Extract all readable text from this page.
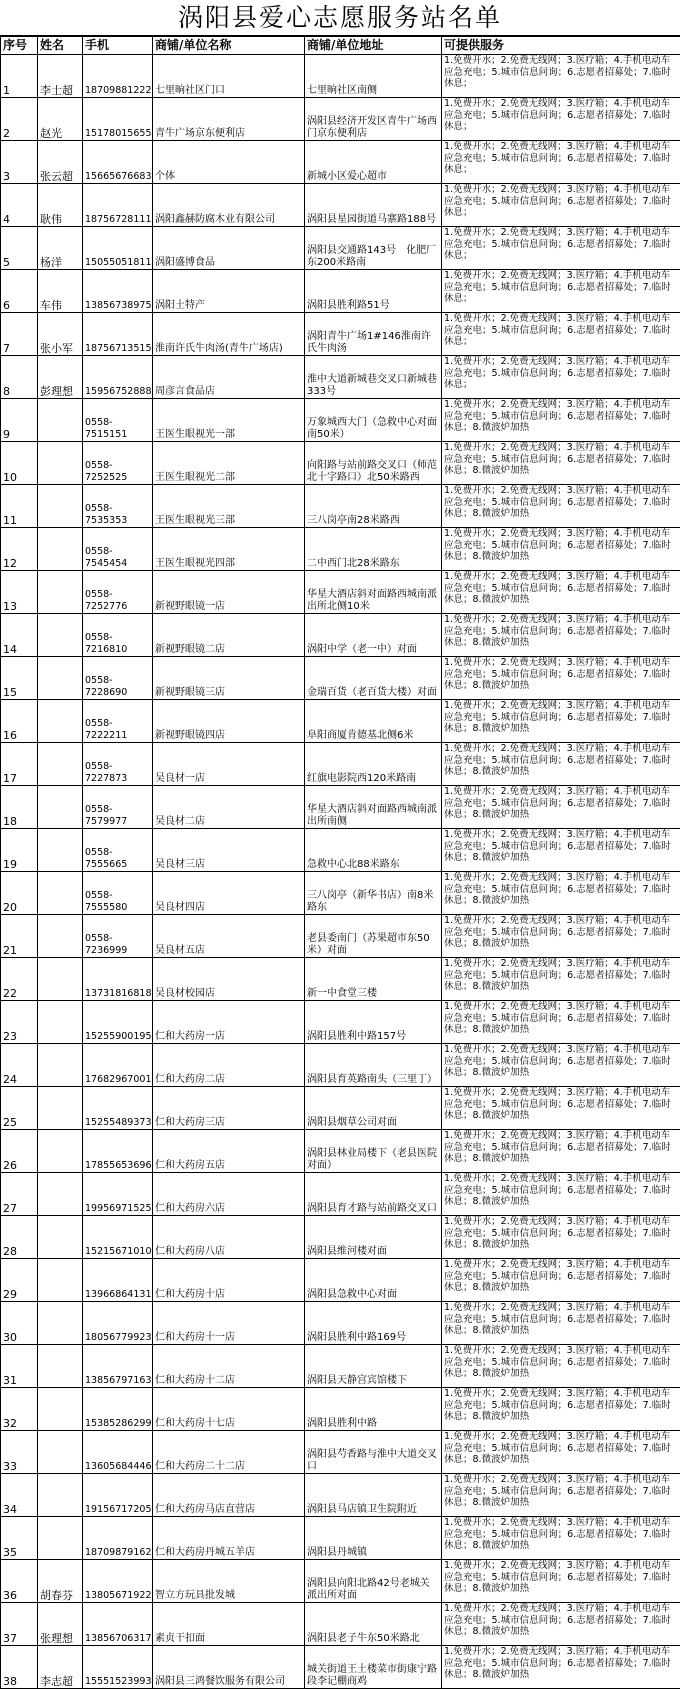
涡阳县爱心志愿服务站名单
序号	姓名	手机	商铺/单位名称	商铺/单位地址	可提供服务
1	李士超	18709881222	七里晌社区门口	七里晌社区南侧	1.免费开水；2.免费无线网；3.医疗箱；4.手机电动车应急充电；5.城市信息问询；6.志愿者招募处；7.临时休息；
2	赵光	15178015655	青牛广场京东便利店	涡阳县经济开发区青牛广场西门京东便利店	1.免费开水；2.免费无线网；3.医疗箱；4.手机电动车应急充电；5.城市信息问询；6.志愿者招募处；7.临时休息；
3	张云超	15665676683	个体	新城小区爱心超市	1.免费开水；2.免费无线网；3.医疗箱；4.手机电动车应急充电；5.城市信息问询；6.志愿者招募处；7.临时休息；
4	耿伟	18756728111	涡阳鑫赫防腐木业有限公司	涡阳县星园街道马寨路188号	1.免费开水；2.免费无线网；3.医疗箱；4.手机电动车应急充电；5.城市信息问询；6.志愿者招募处；7.临时休息；
5	杨洋	15055051811	涡阳盛博食品	涡阳县交通路143号　化肥厂东200米路南	1.免费开水；2.免费无线网；3.医疗箱；4.手机电动车应急充电；5.城市信息问询；6.志愿者招募处；7.临时休息；
6	车伟	13856738975	涡阳土特产	涡阳县胜利路51号	1.免费开水；2.免费无线网；3.医疗箱；4.手机电动车应急充电；5.城市信息问询；6.志愿者招募处；7.临时休息；
7	张小军	18756713515	淮南许氏牛肉汤(青牛广场店)	涡阳青牛广场1#146淮南许氏牛肉汤	1.免费开水；2.免费无线网；3.医疗箱；4.手机电动车应急充电；5.城市信息问询；6.志愿者招募处；7.临时休息；
8	彭理想	15956752888	周彦言食品店	淮中大道新城巷交叉口新城巷333号	1.免费开水；2.免费无线网；3.医疗箱；4.手机电动车应急充电；5.城市信息问询；6.志愿者招募处；7.临时休息；
9		0558-7515151	王医生眼视光一部	万象城西大门（急救中心对面南50米）	1.免费开水；2.免费无线网；3.医疗箱；4.手机电动车应急充电；5.城市信息问询；6.志愿者招募处；7.临时休息；8.微波炉加热
10		0558-7252525	王医生眼视光二部	向阳路与站前路交叉口（师范北十字路口）北50米路西	1.免费开水；2.免费无线网；3.医疗箱；4.手机电动车应急充电；5.城市信息问询；6.志愿者招募处；7.临时休息；8.微波炉加热
11		0558-7535353	王医生眼视光三部	三八岗亭南28米路西	1.免费开水；2.免费无线网；3.医疗箱；4.手机电动车应急充电；5.城市信息问询；6.志愿者招募处；7.临时休息；8.微波炉加热
12		0558-7545454	王医生眼视光四部	二中西门北28米路东	1.免费开水；2.免费无线网；3.医疗箱；4.手机电动车应急充电；5.城市信息问询；6.志愿者招募处；7.临时休息；8.微波炉加热
13		0558-7252776	新视野眼镜一店	华星大酒店斜对面路西城南派出所北侧10米	1.免费开水；2.免费无线网；3.医疗箱；4.手机电动车应急充电；5.城市信息问询；6.志愿者招募处；7.临时休息；8.微波炉加热
14		0558-7216810	新视野眼镜二店	涡阳中学（老一中）对面	1.免费开水；2.免费无线网；3.医疗箱；4.手机电动车应急充电；5.城市信息问询；6.志愿者招募处；7.临时休息；8.微波炉加热
15		0558-7228690	新视野眼镜三店	金瑞百货（老百货大楼）对面	1.免费开水；2.免费无线网；3.医疗箱；4.手机电动车应急充电；5.城市信息问询；6.志愿者招募处；7.临时休息；8.微波炉加热
16		0558-7222211	新视野眼镜四店	阜阳商厦肯德基北侧6米	1.免费开水；2.免费无线网；3.医疗箱；4.手机电动车应急充电；5.城市信息问询；6.志愿者招募处；7.临时休息；8.微波炉加热
17		0558-7227873	吴良材一店	红旗电影院西120米路南	1.免费开水；2.免费无线网；3.医疗箱；4.手机电动车应急充电；5.城市信息问询；6.志愿者招募处；7.临时休息；8.微波炉加热
18		0558-7579977	吴良材二店	华星大酒店斜对面路西城南派出所南侧	1.免费开水；2.免费无线网；3.医疗箱；4.手机电动车应急充电；5.城市信息问询；6.志愿者招募处；7.临时休息；8.微波炉加热
19		0558-7555665	吴良材三店	急救中心北88米路东	1.免费开水；2.免费无线网；3.医疗箱；4.手机电动车应急充电；5.城市信息问询；6.志愿者招募处；7.临时休息；8.微波炉加热
20		0558-7555580	吴良材四店	三八岗亭（新华书店）南8米路东	1.免费开水；2.免费无线网；3.医疗箱；4.手机电动车应急充电；5.城市信息问询；6.志愿者招募处；7.临时休息；8.微波炉加热
21		0558-7236999	吴良材五店	老县委南门（苏果超市东50米）对面	1.免费开水；2.免费无线网；3.医疗箱；4.手机电动车应急充电；5.城市信息问询；6.志愿者招募处；7.临时休息；8.微波炉加热
22		13731816818	吴良材校园店	新一中食堂三楼	1.免费开水；2.免费无线网；3.医疗箱；4.手机电动车应急充电；5.城市信息问询；6.志愿者招募处；7.临时休息；8.微波炉加热
23		15255900195	仁和大药房一店	涡阳县胜利中路157号	1.免费开水；2.免费无线网；3.医疗箱；4.手机电动车应急充电；5.城市信息问询；6.志愿者招募处；7.临时休息；8.微波炉加热
24		17682967001	仁和大药房二店	涡阳县育英路南头（三里丁）	1.免费开水；2.免费无线网；3.医疗箱；4.手机电动车应急充电；5.城市信息问询；6.志愿者招募处；7.临时休息；8.微波炉加热
25		15255489373	仁和大药房三店	涡阳县烟草公司对面	1.免费开水；2.免费无线网；3.医疗箱；4.手机电动车应急充电；5.城市信息问询；6.志愿者招募处；7.临时休息；8.微波炉加热
26		17855653696	仁和大药房五店	涡阳县林业局楼下（老县医院对面）	1.免费开水；2.免费无线网；3.医疗箱；4.手机电动车应急充电；5.城市信息问询；6.志愿者招募处；7.临时休息；8.微波炉加热
27		19956971525	仁和大药房六店	涡阳县育才路与站前路交叉口	1.免费开水；2.免费无线网；3.医疗箱；4.手机电动车应急充电；5.城市信息问询；6.志愿者招募处；7.临时休息；8.微波炉加热
28		15215671010	仁和大药房八店	涡阳县维河楼对面	1.免费开水；2.免费无线网；3.医疗箱；4.手机电动车应急充电；5.城市信息问询；6.志愿者招募处；7.临时休息；8.微波炉加热
29		13966864131	仁和大药房十店	涡阳县急救中心对面	1.免费开水；2.免费无线网；3.医疗箱；4.手机电动车应急充电；5.城市信息问询；6.志愿者招募处；7.临时休息；8.微波炉加热
30		18056779923	仁和大药房十一店	涡阳县胜利中路169号	1.免费开水；2.免费无线网；3.医疗箱；4.手机电动车应急充电；5.城市信息问询；6.志愿者招募处；7.临时休息；8.微波炉加热
31		13856797163	仁和大药房十二店	涡阳县天静宫宾馆楼下	1.免费开水；2.免费无线网；3.医疗箱；4.手机电动车应急充电；5.城市信息问询；6.志愿者招募处；7.临时休息；8.微波炉加热
32		15385286299	仁和大药房十七店	涡阳县胜利中路	1.免费开水；2.免费无线网；3.医疗箱；4.手机电动车应急充电；5.城市信息问询；6.志愿者招募处；7.临时休息；8.微波炉加热
33		13605684446	仁和大药房二十二店	涡阳县芍香路与淮中大道交叉口	1.免费开水；2.免费无线网；3.医疗箱；4.手机电动车应急充电；5.城市信息问询；6.志愿者招募处；7.临时休息；8.微波炉加热
34		19156717205	仁和大药房马店直营店	涡阳县马店镇卫生院附近	1.免费开水；2.免费无线网；3.医疗箱；4.手机电动车应急充电；5.城市信息问询；6.志愿者招募处；7.临时休息；8.微波炉加热
35		18709879162	仁和大药房丹城五羊店	涡阳县丹城镇	1.免费开水；2.免费无线网；3.医疗箱；4.手机电动车应急充电；5.城市信息问询；6.志愿者招募处；7.临时休息；8.微波炉加热
36	胡春芬	13805671922	智立方玩具批发城	涡阳县向阳北路42号老城关派出所对面	1.免费开水；2.免费无线网；3.医疗箱；4.手机电动车应急充电；5.城市信息问询；6.志愿者招募处；7.临时休息；8.微波炉加热
37	张理想	13856706317	素贞干扣面	涡阳县老子牛东50米路北	1.免费开水；2.免费无线网；3.医疗箱；4.手机电动车应急充电；5.城市信息问询；6.志愿者招募处；7.临时休息；8.微波炉加热
38	李志超	15551523993	涡阳县三鸿餐饮服务有限公司	城关街道王土楼菜市街康宁路段李记棚商鸡	1.免费开水；2.免费无线网；3.医疗箱；4.手机电动车应急充电；5.城市信息问询；6.志愿者招募处；7.临时休息；8.微波炉加热
